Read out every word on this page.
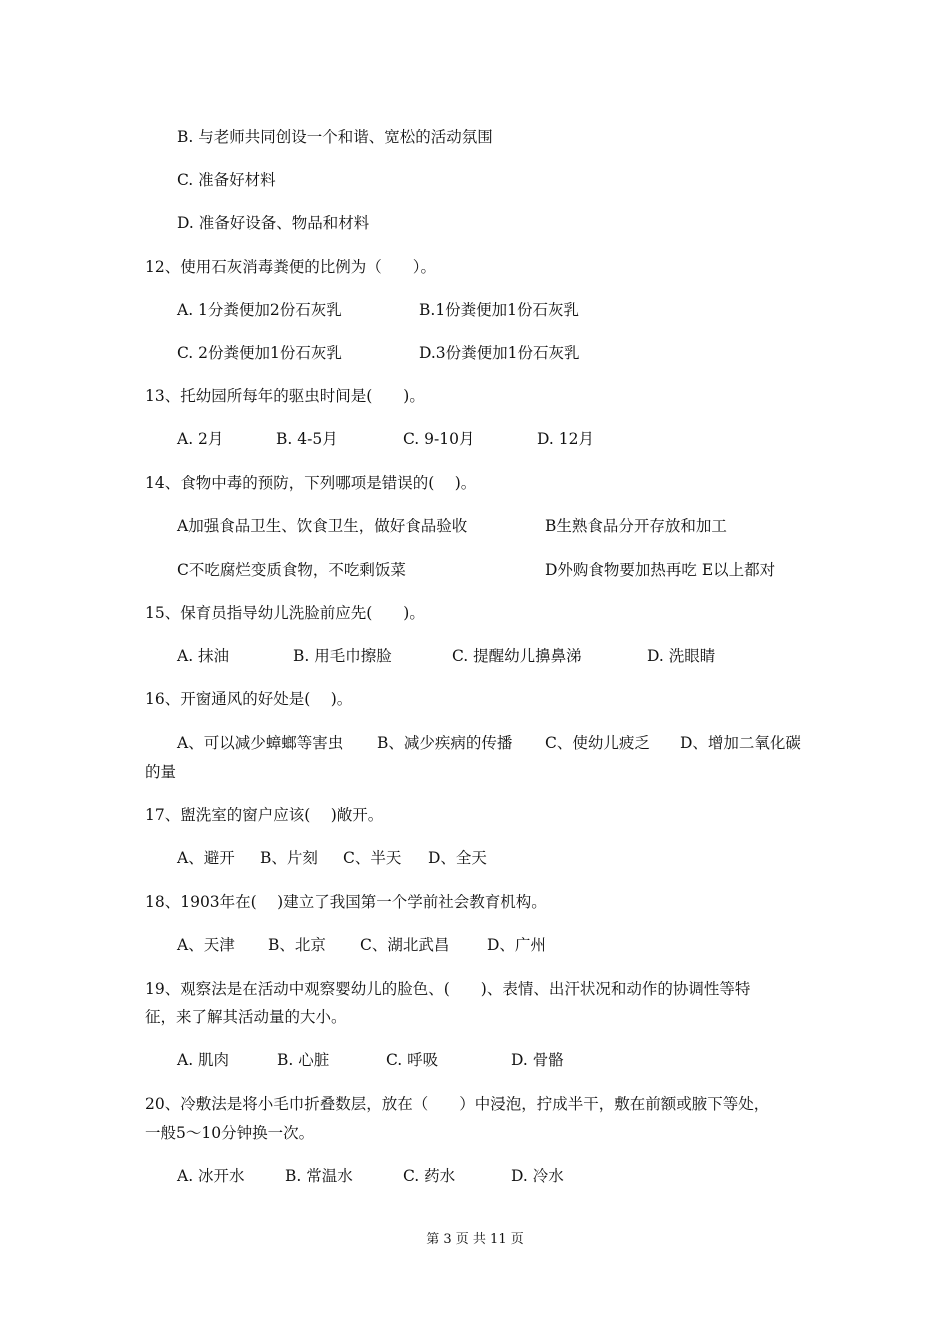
B. 与老师共同创设一个和谐、宽松的活动氛围
C. 准备好材料
D. 准备好设备、物品和材料
12、使用石灰消毒粪便的比例为（　　）。
A. 1分粪便加2份石灰乳	B.1份粪便加1份石灰乳
C. 2份粪便加1份石灰乳	D.3份粪便加1份石灰乳
13、托幼园所每年的驱虫时间是(　　)。
A. 2月	B. 4-5月	C. 9-10月	D. 12月
14、食物中毒的预防，下列哪项是错误的(　 )。
A加强食品卫生、饮食卫生，做好食品验收	B生熟食品分开存放和加工
C不吃腐烂变质食物，不吃剩饭菜	D外购食物要加热再吃 E以上都对
15、保育员指导幼儿洗脸前应先(　　)。
A. 抹油	B. 用毛巾擦脸	C. 提醒幼儿擤鼻涕	D. 洗眼睛
16、开窗通风的好处是(　 )。
A、可以减少蟑螂等害虫 B、减少疾病的传播 C、使幼儿疲乏 D、增加二氧化碳
的量
17、盥洗室的窗户应该(　 )敞开。
A、避开 B、片刻 C、半天 D、全天
18、1903年在(　 )建立了我国第一个学前社会教育机构。
A、天津 B、北京 C、湖北武昌 D、广州
19、观察法是在活动中观察婴幼儿的脸色、(　　)、表情、出汗状况和动作的协调性等特
征，来了解其活动量的大小。
A. 肌肉	B. 心脏	C. 呼吸	D. 骨骼
20、冷敷法是将小毛巾折叠数层，放在（　　）中浸泡，拧成半干，敷在前额或腋下等处，
一般5～10分钟换一次。
A. 冰开水	B. 常温水	C. 药水	D. 冷水
第 3 页 共 11 页
